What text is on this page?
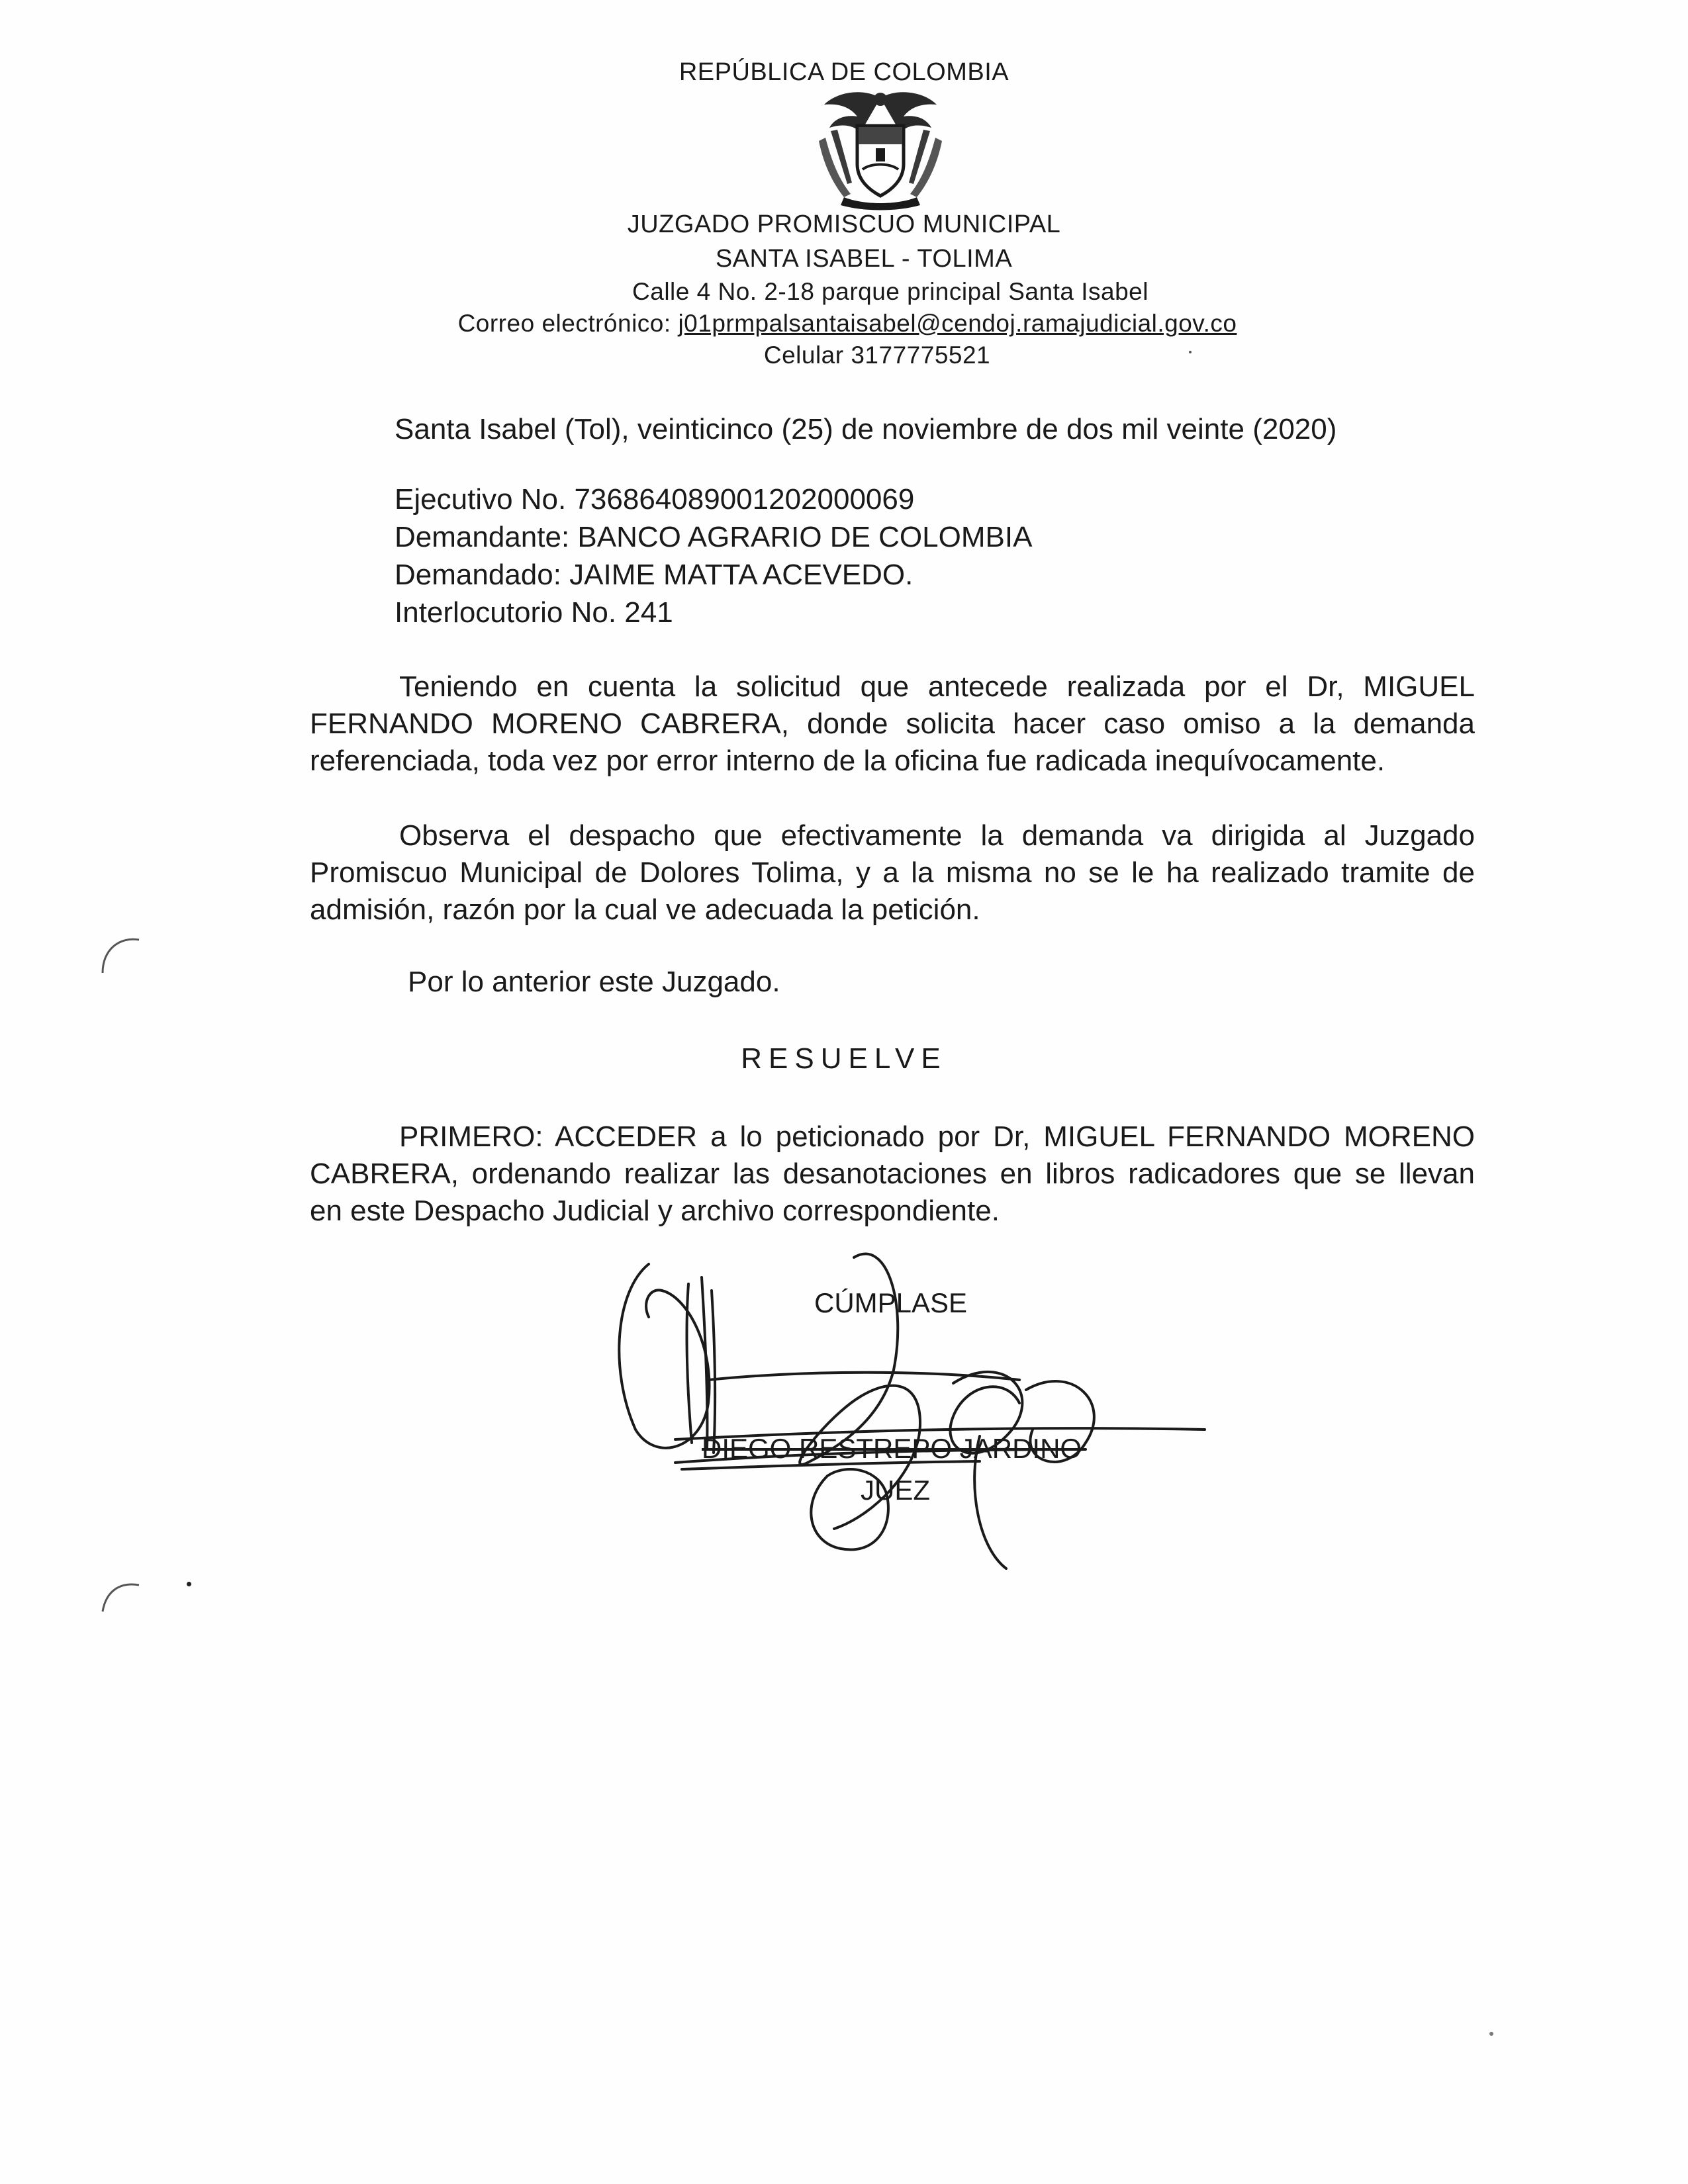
REPÚBLICA DE COLOMBIA
JUZGADO PROMISCUO MUNICIPAL
SANTA ISABEL - TOLIMA
Calle 4 No. 2-18 parque principal Santa Isabel
Correo electrónico: j01prmpalsantaisabel@cendoj.ramajudicial.gov.co
Celular 3177775521
Santa Isabel (Tol), veinticinco (25) de noviembre de dos mil veinte (2020)
Ejecutivo No. 736864089001202000069
Demandante: BANCO AGRARIO DE COLOMBIA
Demandado: JAIME MATTA ACEVEDO.
Interlocutorio No. 241
Teniendo en cuenta la solicitud que antecede realizada por el Dr, MIGUEL
FERNANDO MORENO CABRERA, donde solicita hacer caso omiso a la demanda
referenciada, toda vez por error interno de la oficina fue radicada inequívocamente.
Observa el despacho que efectivamente la demanda va dirigida al Juzgado
Promiscuo Municipal de Dolores Tolima, y a la misma no se le ha realizado tramite de
admisión, razón por la cual ve adecuada la petición.
Por lo anterior este Juzgado.
RESUELVE
PRIMERO: ACCEDER a lo peticionado por Dr, MIGUEL FERNANDO MORENO
CABRERA, ordenando realizar las desanotaciones en libros radicadores que se llevan
en este Despacho Judicial y archivo correspondiente.
CÚMPLASE
DIEGO RESTREPO JARDINO
JUEZ
